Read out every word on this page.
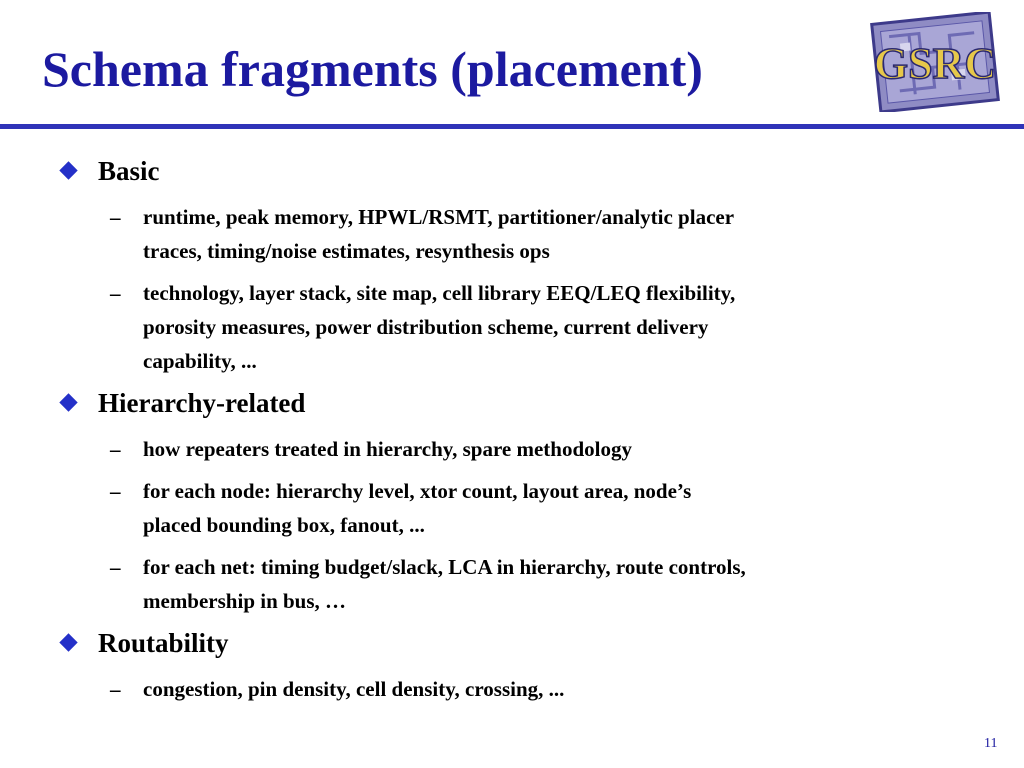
Schema fragments (placement)	GSRC
Basic
– runtime, peak memory, HPWL/RSMT, partitioner/analytic placer
traces, timing/noise estimates, resynthesis ops
– technology, layer stack, site map, cell library EEQ/LEQ flexibility,
porosity measures, power distribution scheme, current delivery
capability, ...
Hierarchy-related
– how repeaters treated in hierarchy, spare methodology
– for each node: hierarchy level, xtor count, layout area, node’s
placed bounding box, fanout, ...
– for each net: timing budget/slack, LCA in hierarchy, route controls,
membership in bus, …
Routability
– congestion, pin density, cell density, crossing, ...
11
